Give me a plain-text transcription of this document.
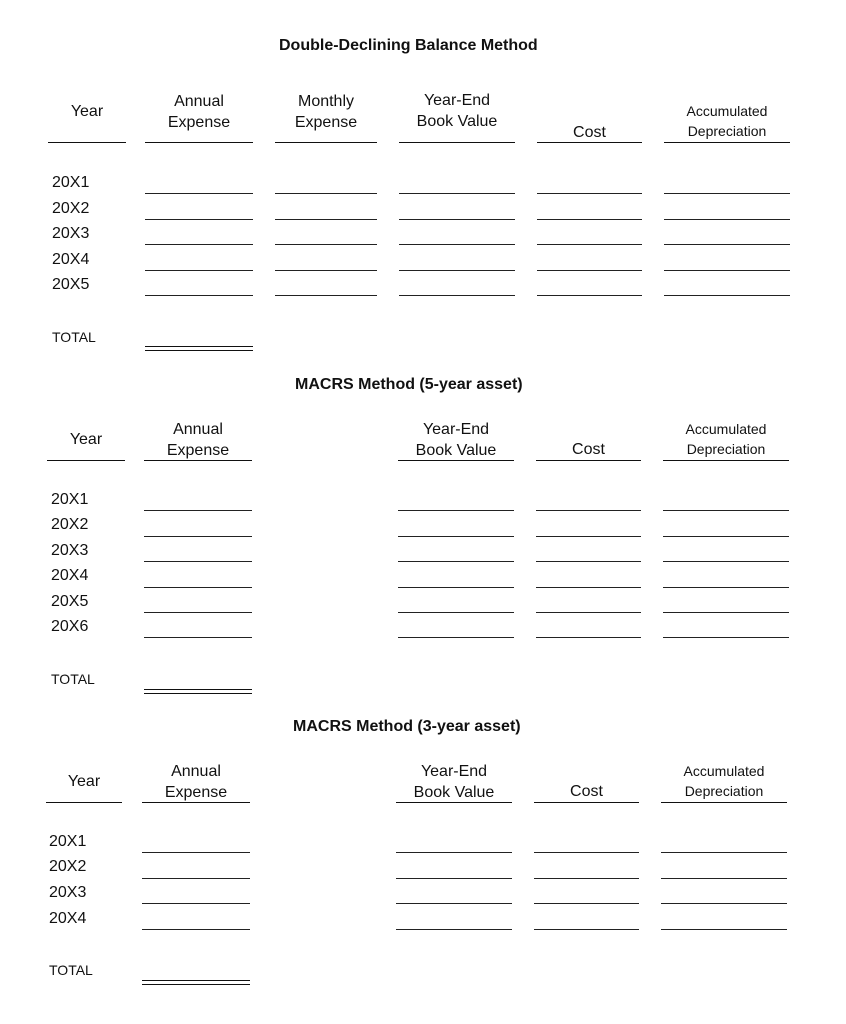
Double-Declining Balance Method
Year
Annual
Expense
Monthly
Expense
Year-End
Book Value
Cost
Accumulated
Depreciation
20X1
20X2
20X3
20X4
20X5
TOTAL
MACRS Method (5-year asset)
Year
Annual
Expense
Year-End
Book Value	Cost
Accumulated
Depreciation
20X1
20X2
20X3
20X4
20X5
20X6
TOTAL
MACRS Method (3-year asset)
Year
Annual
Expense
Year-End
Book Value	Cost
Accumulated
Depreciation
20X1
20X2
20X3
20X4
TOTAL
